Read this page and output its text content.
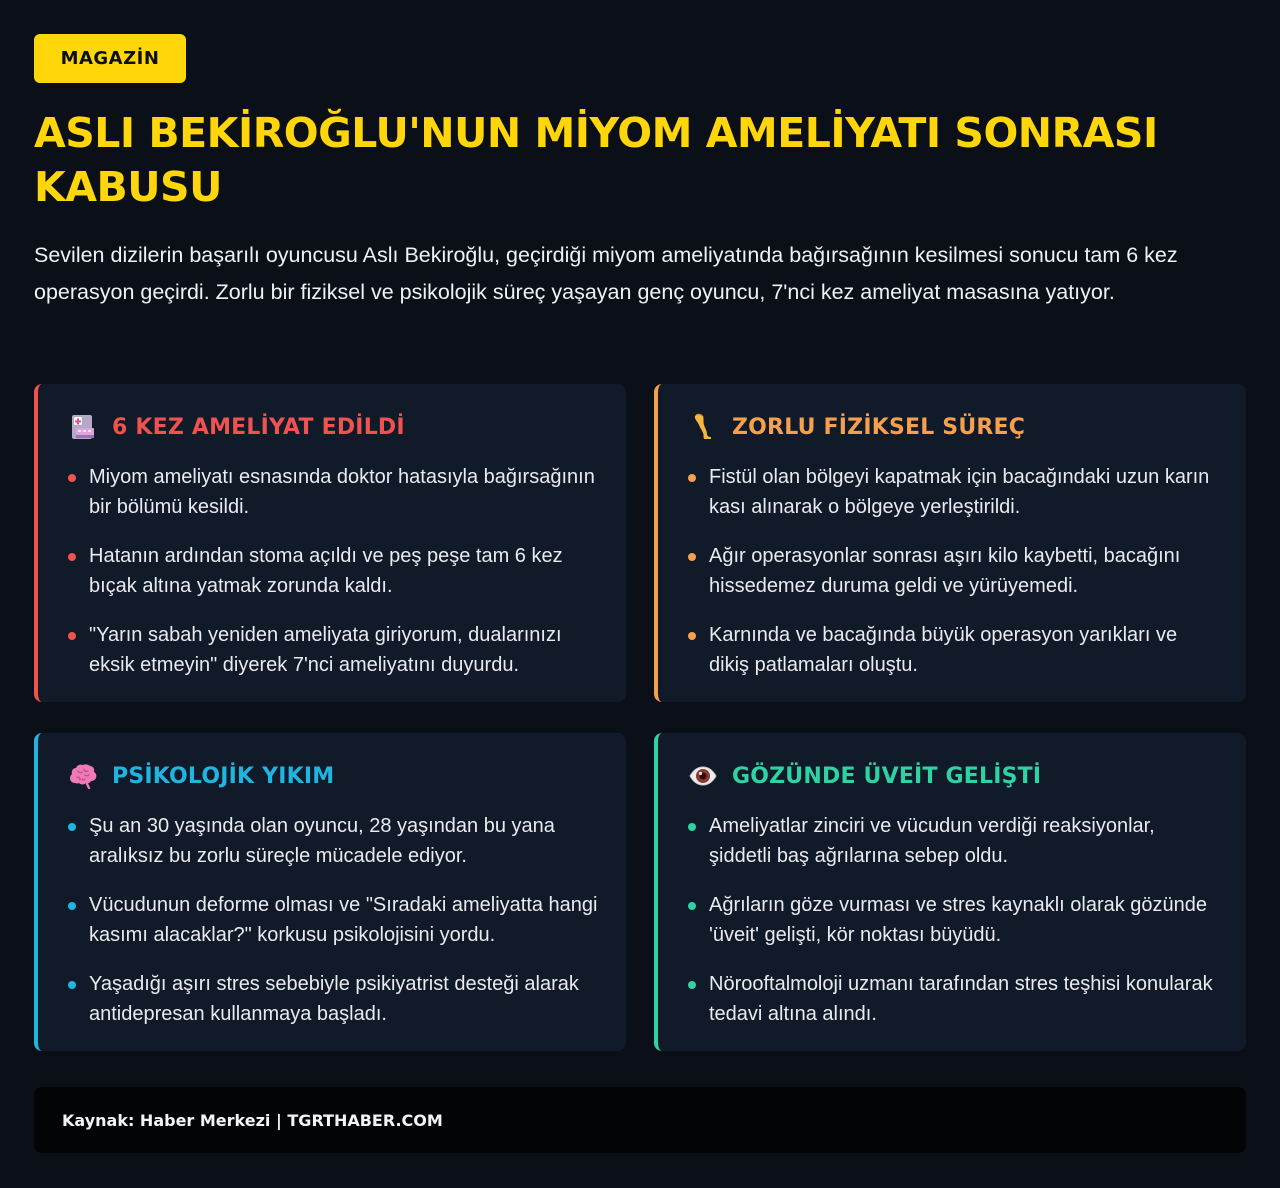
MAGAZİN
ASLI BEKİROĞLU'NUN MİYOM AMELİYATI SONRASI KABUSU

Sevilen dizilerin başarılı oyuncusu Aslı Bekiroğlu, geçirdiği miyom ameliyatında bağırsağının kesilmesi sonucu tam 6 kez operasyon geçirdi. Zorlu bir fiziksel ve psikolojik süreç yaşayan genç oyuncu, 7'nci kez ameliyat masasına yatıyor.

6 KEZ AMELİYAT EDİLDİ
Miyom ameliyatı esnasında doktor hatasıyla bağırsağının bir bölümü kesildi.
Hatanın ardından stoma açıldı ve peş peşe tam 6 kez bıçak altına yatmak zorunda kaldı.
"Yarın sabah yeniden ameliyata giriyorum, dualarınızı eksik etmeyin" diyerek 7'nci ameliyatını duyurdu.
ZORLU FİZİKSEL SÜREÇ
Fistül olan bölgeyi kapatmak için bacağındaki uzun karın kası alınarak o bölgeye yerleştirildi.
Ağır operasyonlar sonrası aşırı kilo kaybetti, bacağını hissedemez duruma geldi ve yürüyemedi.
Karnında ve bacağında büyük operasyon yarıkları ve dikiş patlamaları oluştu.
PSİKOLOJİK YIKIM
Şu an 30 yaşında olan oyuncu, 28 yaşından bu yana aralıksız bu zorlu süreçle mücadele ediyor.
Vücudunun deforme olması ve "Sıradaki ameliyatta hangi kasımı alacaklar?" korkusu psikolojisini yordu.
Yaşadığı aşırı stres sebebiyle psikiyatrist desteği alarak antidepresan kullanmaya başladı.
GÖZÜNDE ÜVEİT GELİŞTİ
Ameliyatlar zinciri ve vücudun verdiği reaksiyonlar, şiddetli baş ağrılarına sebep oldu.
Ağrıların göze vurması ve stres kaynaklı olarak gözünde 'üveit' gelişti, kör noktası büyüdü.
Nörooftalmoloji uzmanı tarafından stres teşhisi konularak tedavi altına alındı.
Kaynak: Haber Merkezi | TGRTHABER.COM
